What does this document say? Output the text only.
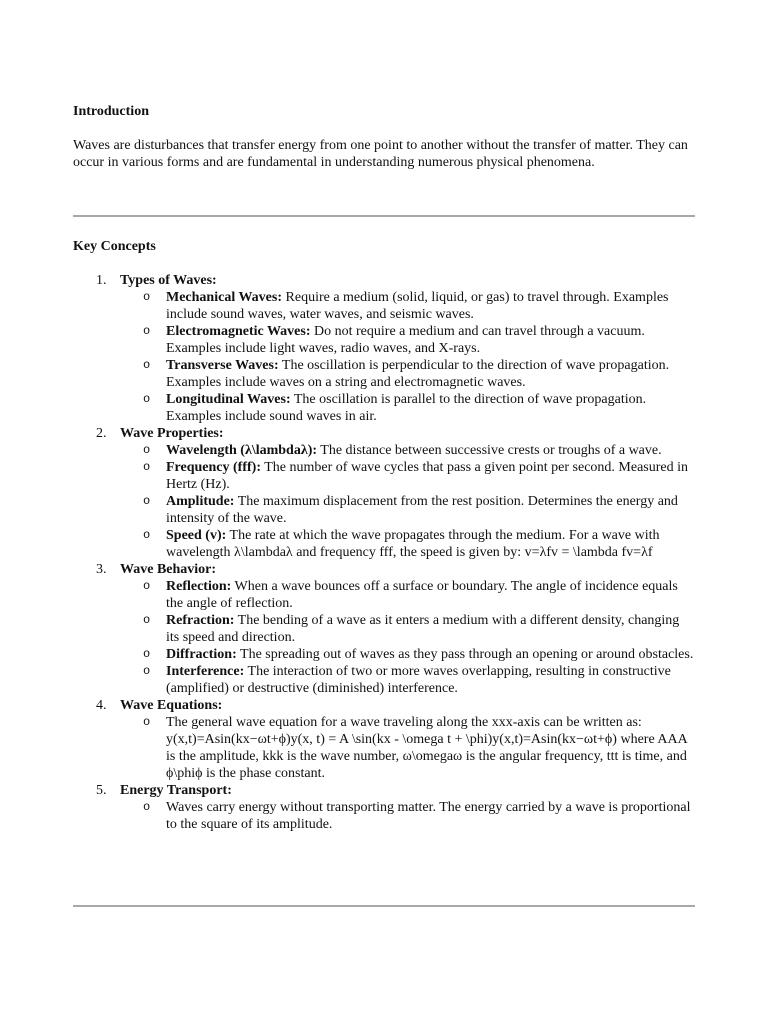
Introduction

Waves are disturbances that transfer energy from one point to another without the transfer of matter. They can occur in various forms and are fundamental in understanding numerous physical phenomena.

Key Concepts
1. Types of Waves:
o Mechanical Waves: Require a medium (solid, liquid, or gas) to travel through. Examples include sound waves, water waves, and seismic waves.
o Electromagnetic Waves: Do not require a medium and can travel through a vacuum. Examples include light waves, radio waves, and X-rays.
o Transverse Waves: The oscillation is perpendicular to the direction of wave propagation. Examples include waves on a string and electromagnetic waves.
o Longitudinal Waves: The oscillation is parallel to the direction of wave propagation. Examples include sound waves in air.
2. Wave Properties:
o Wavelength (λ\lambdaλ): The distance between successive crests or troughs of a wave.
o Frequency (fff): The number of wave cycles that pass a given point per second. Measured in Hertz (Hz).
o Amplitude: The maximum displacement from the rest position. Determines the energy and intensity of the wave.
o Speed (v): The rate at which the wave propagates through the medium. For a wave with wavelength λ\lambdaλ and frequency fff, the speed is given by: v=λfv = \lambda fv=λf
3. Wave Behavior:
o Reflection: When a wave bounces off a surface or boundary. The angle of incidence equals the angle of reflection.
o Refraction: The bending of a wave as it enters a medium with a different density, changing its speed and direction.
o Diffraction: The spreading out of waves as they pass through an opening or around obstacles.
o Interference: The interaction of two or more waves overlapping, resulting in constructive (amplified) or destructive (diminished) interference.
4. Wave Equations:
o The general wave equation for a wave traveling along the xxx-axis can be written as: y(x,t)=Asin⁡(kx−ωt+ϕ)y(x, t) = A \sin(kx - \omega t + \phi)y(x,t)=Asin(kx−ωt+ϕ) where AAA is the amplitude, kkk is the wave number, ω\omegaω is the angular frequency, ttt is time, and ϕ\phiϕ is the phase constant.
5. Energy Transport:
o Waves carry energy without transporting matter. The energy carried by a wave is proportional to the square of its amplitude.
